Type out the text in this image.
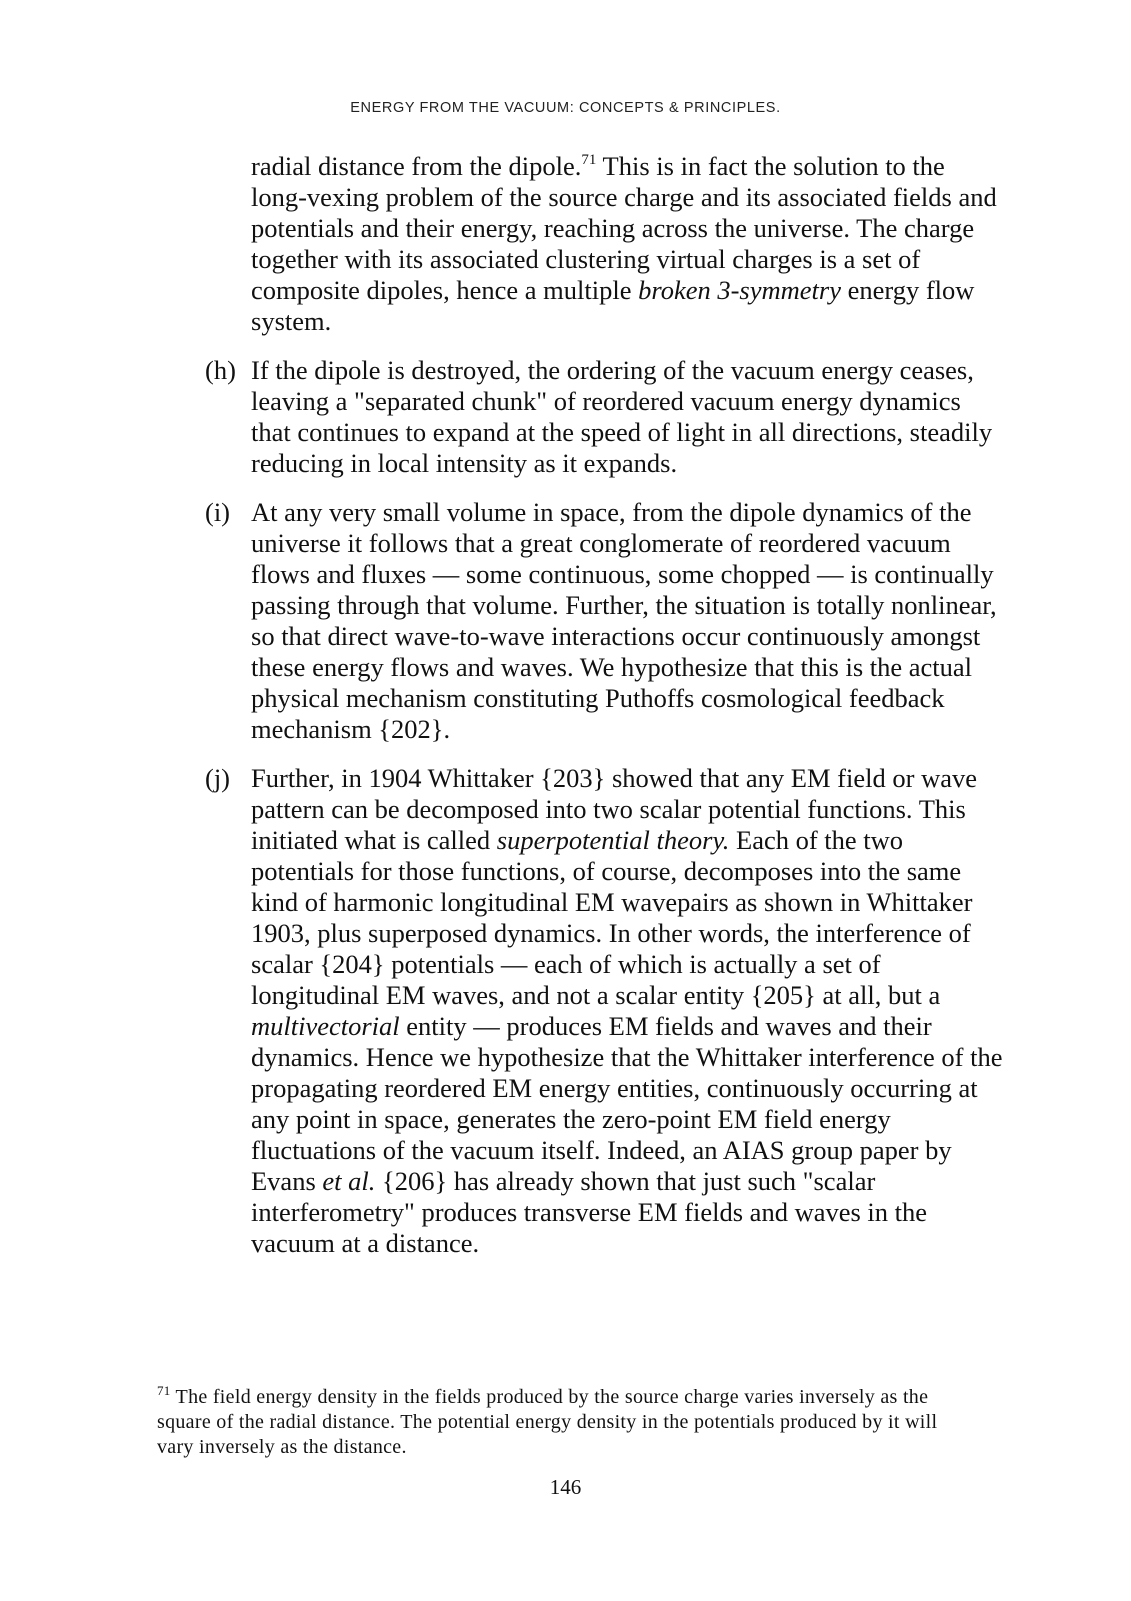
ENERGY FROM THE VACUUM: CONCEPTS & PRINCIPLES.

radial distance from the dipole.$^{71}$ This is in fact the solution to the long-vexing problem of the source charge and its associated fields and potentials and their energy, reaching across the universe. The charge together with its associated clustering virtual charges is a set of composite dipoles, hence a multiple broken 3-symmetry energy flow system.

(h) If the dipole is destroyed, the ordering of the vacuum energy ceases, leaving a "separated chunk" of reordered vacuum energy dynamics that continues to expand at the speed of light in all directions, steadily reducing in local intensity as it expands.
(i) At any very small volume in space, from the dipole dynamics of the universe it follows that a great conglomerate of reordered vacuum flows and fluxes — some continuous, some chopped — is continually passing through that volume. Further, the situation is totally nonlinear, so that direct wave-to-wave interactions occur continuously amongst these energy flows and waves. We hypothesize that this is the actual physical mechanism constituting Puthoffs cosmological feedback mechanism {202}.
(j) Further, in 1904 Whittaker {203} showed that any EM field or wave pattern can be decomposed into two scalar potential functions. This initiated what is called superpotential theory. Each of the two potentials for those functions, of course, decomposes into the same kind of harmonic longitudinal EM wavepairs as shown in Whittaker 1903, plus superposed dynamics. In other words, the interference of scalar {204} potentials — each of which is actually a set of longitudinal EM waves, and not a scalar entity {205} at all, but a multivectorial entity — produces EM fields and waves and their dynamics. Hence we hypothesize that the Whittaker interference of the propagating reordered EM energy entities, continuously occurring at any point in space, generates the zero-point EM field energy fluctuations of the vacuum itself. Indeed, an AIAS group paper by Evans et al. {206} has already shown that just such "scalar interferometry" produces transverse EM fields and waves in the vacuum at a distance.
$^{71}$ The field energy density in the fields produced by the source charge varies inversely as the square of the radial distance. The potential energy density in the potentials produced by it will vary inversely as the distance.
146
